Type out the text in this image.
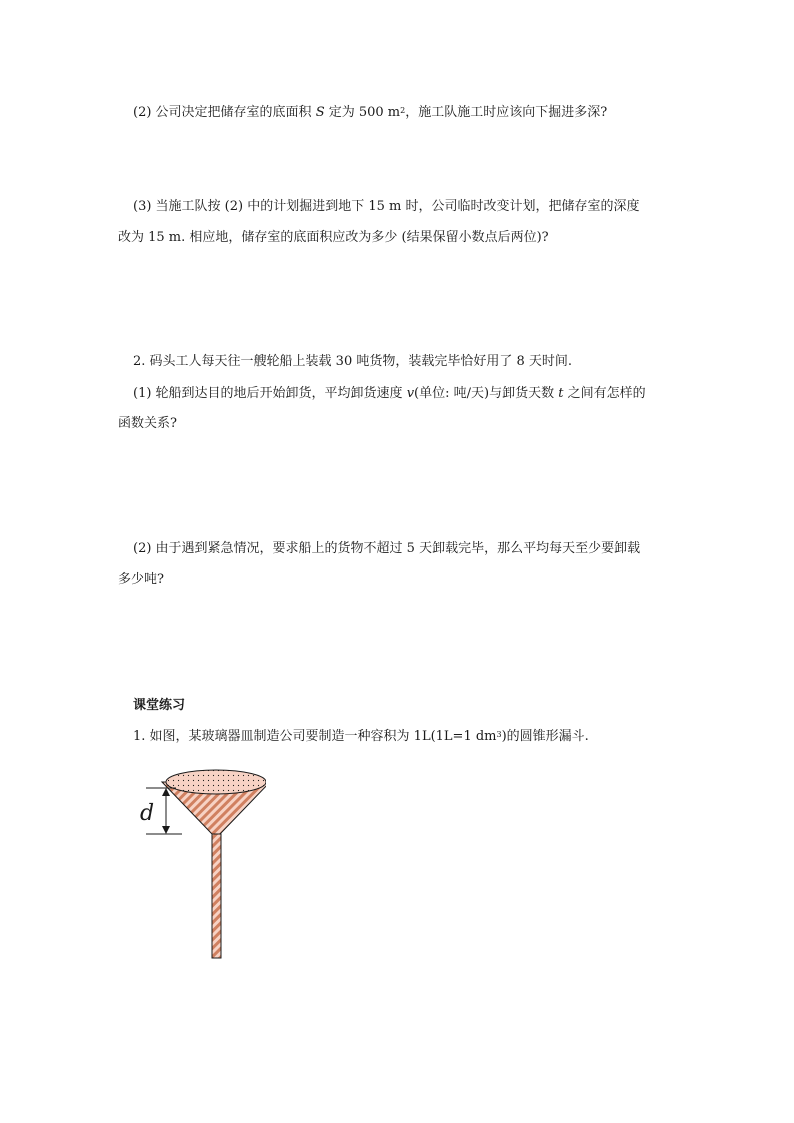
(2) 公司决定把储存室的底面积 S 定为 500 $m^2$，施工队施工时应该向下掘进多深?
(3) 当施工队按 (2) 中的计划掘进到地下 15 m 时，公司临时改变计划，把储存室的深度
改为 15 m. 相应地，储存室的底面积应改为多少 (结果保留小数点后两位)?
2. 码头工人每天往一艘轮船上装载 30 吨货物，装载完毕恰好用了 8 天时间.
(1) 轮船到达目的地后开始卸货，平均卸货速度 v(单位: 吨/天)与卸货天数 t 之间有怎样的
函数关系?
(2) 由于遇到紧急情况，要求船上的货物不超过 5 天卸载完毕，那么平均每天至少要卸载
多少吨?
课堂练习
1. 如图，某玻璃器皿制造公司要制造一种容积为 1L(1L=1 $dm^3$)的圆锥形漏斗.
d
